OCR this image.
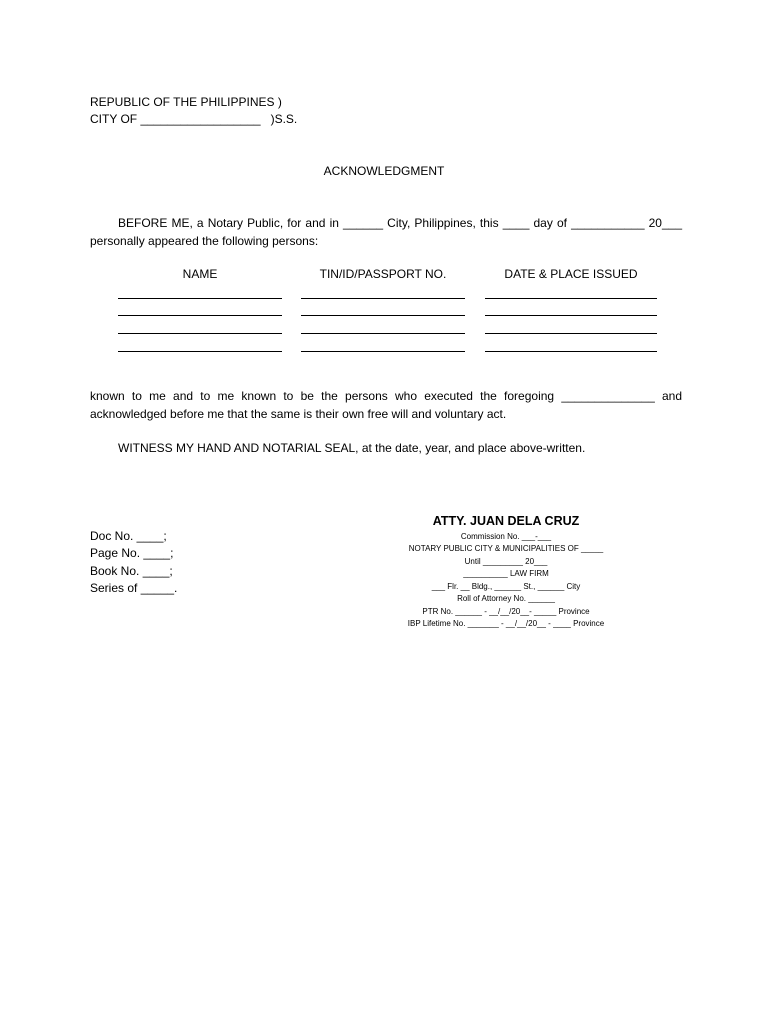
REPUBLIC OF THE PHILIPPINES )
CITY OF __________________   )S.S.
ACKNOWLEDGMENT
BEFORE ME, a Notary Public, for and in ______ City, Philippines, this ____ day of ___________ 20___ personally appeared the following persons:
NAME	TIN/ID/PASSPORT NO.	DATE & PLACE ISSUED
known to me and to me known to be the persons who executed the foregoing ______________ and acknowledged before me that the same is their own free will and voluntary act.
WITNESS MY HAND AND NOTARIAL SEAL, at the date, year, and place above-written.
Doc No. ____;
Page No. ____;
Book No. ____;
Series of _____.
ATTY. JUAN DELA CRUZ
Commission No. ___-___
NOTARY PUBLIC CITY & MUNICIPALITIES OF _____
Until _________ 20___
__________ LAW FIRM
___ Flr. __ Bldg., ______ St., ______ City
Roll of Attorney No. ______
PTR No. ______ - __/__/20__- _____ Province
IBP Lifetime No. _______ - __/__/20__ - ____ Province
